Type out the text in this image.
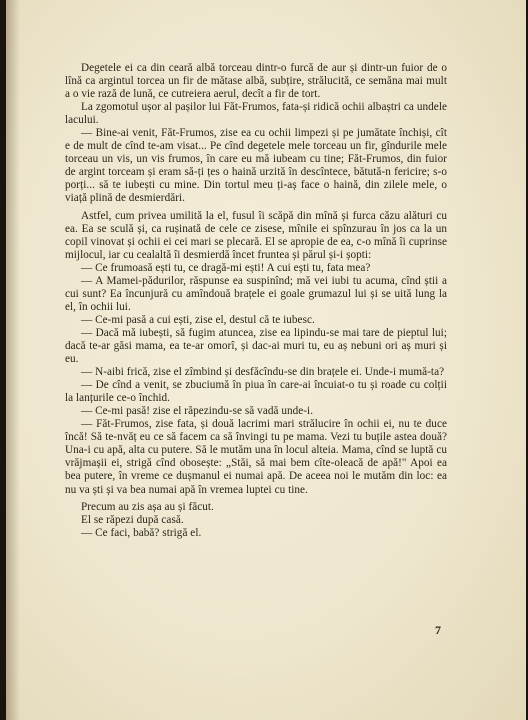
Degetele ei ca din ceară albă torceau dintr-o furcă de aur și dintr-un fuior de o lînă ca argintul torcea un fir de mătase albă, subțire, strălucită, ce semăna mai mult a o vie rază de lună, ce cutreiera aerul, decît a fir de tort.

La zgomotul ușor al pașilor lui Făt-Frumos, fata-și ridică ochii albaștri ca undele lacului.

— Bine-ai venit, Făt-Frumos, zise ea cu ochii limpezi și pe jumătate închiși, cît e de mult de cînd te-am visat... Pe cînd degetele mele torceau un fir, gîndurile mele torceau un vis, un vis frumos, în care eu mă iubeam cu tine; Făt-Frumos, din fuior de argint torceam și eram să-ți țes o haină urzită în descîntece, bătută-n fericire; s-o porți... să te iubești cu mine. Din tortul meu ți-aș face o haină, din zilele mele, o viață plină de desmierdări.

Astfel, cum privea umilită la el, fusul îi scăpă din mînă și furca căzu alături cu ea. Ea se sculă și, ca rușinată de cele ce zisese, mînile ei spînzurau în jos ca la un copil vinovat și ochii ei cei mari se plecară. El se apropie de ea, c-o mînă îi cuprinse mijlocul, iar cu cealaltă îi desmierdă încet fruntea și părul și-i șopti:

— Ce frumoasă ești tu, ce dragă-mi ești! A cui ești tu, fata mea?

— A Mamei-pădurilor, răspunse ea suspinînd; mă vei iubi tu acuma, cînd știi a cui sunt? Ea încunjură cu amîndouă brațele ei goale grumazul lui și se uită lung la el, în ochii lui.

— Ce-mi pasă a cui ești, zise el, destul că te iubesc.

— Dacă mă iubești, să fugim atuncea, zise ea lipindu-se mai tare de pieptul lui; dacă te-ar găsi mama, ea te-ar omorî, și dac-ai muri tu, eu aș nebuni ori aș muri și eu.

— N-aibi frică, zise el zîmbind și desfăcîndu-se din brațele ei. Unde-i mumă-ta?

— De cînd a venit, se zbuciumă în piua în care-ai încuiat-o tu și roade cu colții la lanțurile ce-o închid.

— Ce-mi pasă! zise el răpezindu-se să vadă unde-i.

— Făt-Frumos, zise fata, și două lacrimi mari strălucire în ochii ei, nu te duce încă! Să te-nvăț eu ce să facem ca să învingi tu pe mama. Vezi tu buțile astea două? Una-i cu apă, alta cu putere. Să le mutăm una în locul alteia. Mama, cînd se luptă cu vrăjmașii ei, strigă cînd obosește: „Stăi, să mai bem cîte-oleacă de apă!" Apoi ea bea putere, în vreme ce dușmanul ei numai apă. De aceea noi le mutăm din loc: ea nu va ști și va bea numai apă în vremea luptei cu tine.

Precum au zis așa au și făcut.

El se răpezi după casă.

— Ce faci, babă? strigă el.

7
